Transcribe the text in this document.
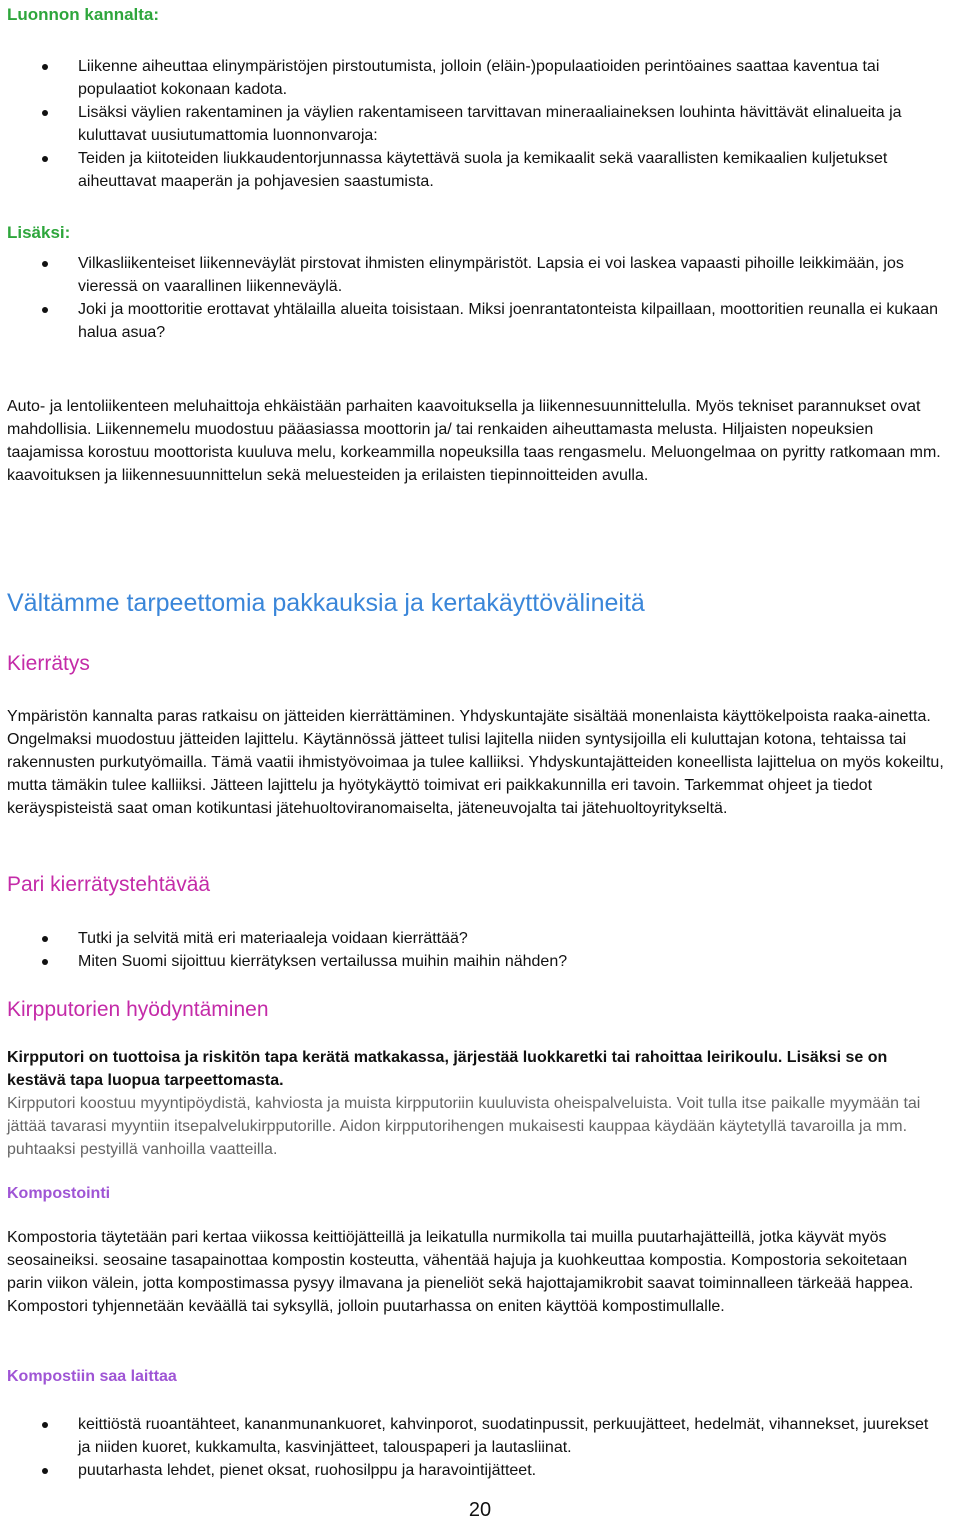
Luonnon kannalta:
Liikenne aiheuttaa elinympäristöjen pirstoutumista, jolloin (eläin-)populaatioiden perintöaines saattaa kaventua tai populaatiot kokonaan kadota.
Lisäksi väylien rakentaminen ja väylien rakentamiseen tarvittavan mineraaliaineksen louhinta hävittävät elinalueita ja kuluttavat uusiutumattomia luonnonvaroja:
Teiden ja kiitoteiden liukkaudentorjunnassa käytettävä suola ja kemikaalit sekä vaarallisten kemikaalien kuljetukset aiheuttavat maaperän ja pohjavesien saastumista.
Lisäksi:
Vilkasliikenteiset liikenneväylät pirstovat ihmisten elinympäristöt. Lapsia ei voi laskea vapaasti pihoille leikkimään, jos vieressä on vaarallinen liikenneväylä.
Joki ja moottoritie erottavat yhtälailla alueita toisistaan. Miksi joenrantatonteista kilpaillaan, moottoritien reunalla ei kukaan halua asua?

Auto- ja lentoliikenteen meluhaittoja ehkäistään parhaiten kaavoituksella ja liikennesuunnittelulla. Myös tekniset parannukset ovat mahdollisia. Liikennemelu muodostuu pääasiassa moottorin ja/ tai renkaiden aiheuttamasta melusta. Hiljaisten nopeuksien taajamissa korostuu moottorista kuuluva melu, korkeammilla nopeuksilla taas rengasmelu. Meluongelmaa on pyritty ratkomaan mm. kaavoituksen ja liikennesuunnittelun sekä meluesteiden ja erilaisten tiepinnoitteiden avulla.

Vältämme tarpeettomia pakkauksia ja kertakäyttövälineitä
Kierrätys

Ympäristön kannalta paras ratkaisu on jätteiden kierrättäminen. Yhdyskuntajäte sisältää monenlaista käyttökelpoista raaka-ainetta. Ongelmaksi muodostuu jätteiden lajittelu. Käytännössä jätteet tulisi lajitella niiden syntysijoilla eli kuluttajan kotona, tehtaissa tai rakennusten purkutyömailla. Tämä vaatii ihmistyövoimaa ja tulee kalliiksi. Yhdyskuntajätteiden koneellista lajittelua on myös kokeiltu, mutta tämäkin tulee kalliiksi. Jätteen lajittelu ja hyötykäyttö toimivat eri paikkakunnilla eri tavoin. Tarkemmat ohjeet ja tiedot keräyspisteistä saat oman kotikuntasi jätehuoltoviranomaiselta, jäteneuvojalta tai jätehuoltoyritykseltä.

Pari kierrätystehtävää
Tutki ja selvitä mitä eri materiaaleja voidaan kierrättää?
Miten Suomi sijoittuu kierrätyksen vertailussa muihin maihin nähden?
Kirpputorien hyödyntäminen

Kirpputori on tuottoisa ja riskitön tapa kerätä matkakassa, järjestää luokkaretki tai rahoittaa leirikoulu. Lisäksi se on kestävä tapa luopua tarpeettomasta.

Kirpputori koostuu myyntipöydistä, kahviosta ja muista kirpputoriin kuuluvista oheispalveluista. Voit tulla itse paikalle myymään tai jättää tavarasi myyntiin itsepalvelukirpputorille. Aidon kirpputorihengen mukaisesti kauppaa käydään käytetyllä tavaroilla ja mm. puhtaaksi pestyillä vanhoilla vaatteilla.

Kompostointi

Kompostoria täytetään pari kertaa viikossa keittiöjätteillä ja leikatulla nurmikolla tai muilla puutarhajätteillä, jotka käyvät myös seosaineiksi. seosaine tasapainottaa kompostin kosteutta, vähentää hajuja ja kuohkeuttaa kompostia. Kompostoria sekoitetaan parin viikon välein, jotta kompostimassa pysyy ilmavana ja pieneliöt sekä hajottajamikrobit saavat toiminnalleen tärkeää happea. Kompostori tyhjennetään keväällä tai syksyllä, jolloin puutarhassa on eniten käyttöä kompostimullalle.

Kompostiin saa laittaa
keittiöstä ruoantähteet, kananmunankuoret, kahvinporot, suodatinpussit, perkuujätteet, hedelmät, vihannekset, juurekset ja niiden kuoret, kukkamulta, kasvinjätteet, talouspaperi ja lautasliinat.
puutarhasta lehdet, pienet oksat, ruohosilppu ja haravointijätteet.

20
